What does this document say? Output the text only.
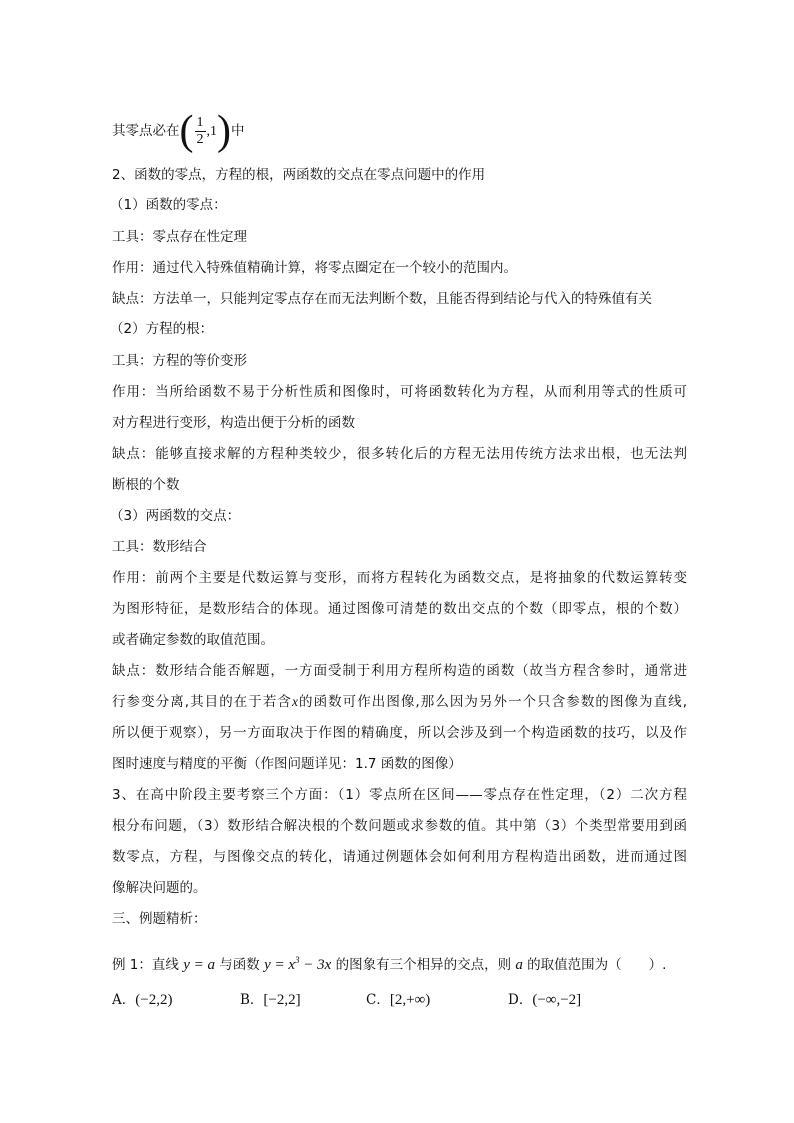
其零点必在( $\frac{1}{2} ,1$)中
2、函数的零点，方程的根，两函数的交点在零点问题中的作用
（1）函数的零点：
工具：零点存在性定理
作用：通过代入特殊值精确计算，将零点圈定在一个较小的范围内。
缺点：方法单一，只能判定零点存在而无法判断个数，且能否得到结论与代入的特殊值有关
（2）方程的根：
工具：方程的等价变形
作用：当所给函数不易于分析性质和图像时，可将函数转化为方程，从而利用等式的性质可
对方程进行变形，构造出便于分析的函数
缺点：能够直接求解的方程种类较少，很多转化后的方程无法用传统方法求出根，也无法判
断根的个数
（3）两函数的交点：
工具：数形结合
作用：前两个主要是代数运算与变形，而将方程转化为函数交点，是将抽象的代数运算转变
为图形特征，是数形结合的体现。通过图像可清楚的数出交点的个数（即零点，根的个数）
或者确定参数的取值范围。
缺点：数形结合能否解题，一方面受制于利用方程所构造的函数（故当方程含参时，通常进
行参变分离,其目的在于若含x的函数可作出图像,那么因为另外一个只含参数的图像为直线,
所以便于观察），另一方面取决于作图的精确度，所以会涉及到一个构造函数的技巧，以及作
图时速度与精度的平衡（作图问题详见：1.7 函数的图像）
3、在高中阶段主要考察三个方面：（1）零点所在区间——零点存在性定理，（2）二次方程
根分布问题，（3）数形结合解决根的个数问题或求参数的值。其中第（3）个类型常要用到函
数零点，方程，与图像交点的转化，请通过例题体会如何利用方程构造出函数，进而通过图
像解决问题的。
三、例题精析：
例 1：直线 y = a 与函数 $y = x^3 - 3x$ 的图象有三个相异的交点，则 a 的取值范围为（　　）.
A．(−2,2)	B．[−2,2]	C．[2,+∞)	D．(−∞,−2]
